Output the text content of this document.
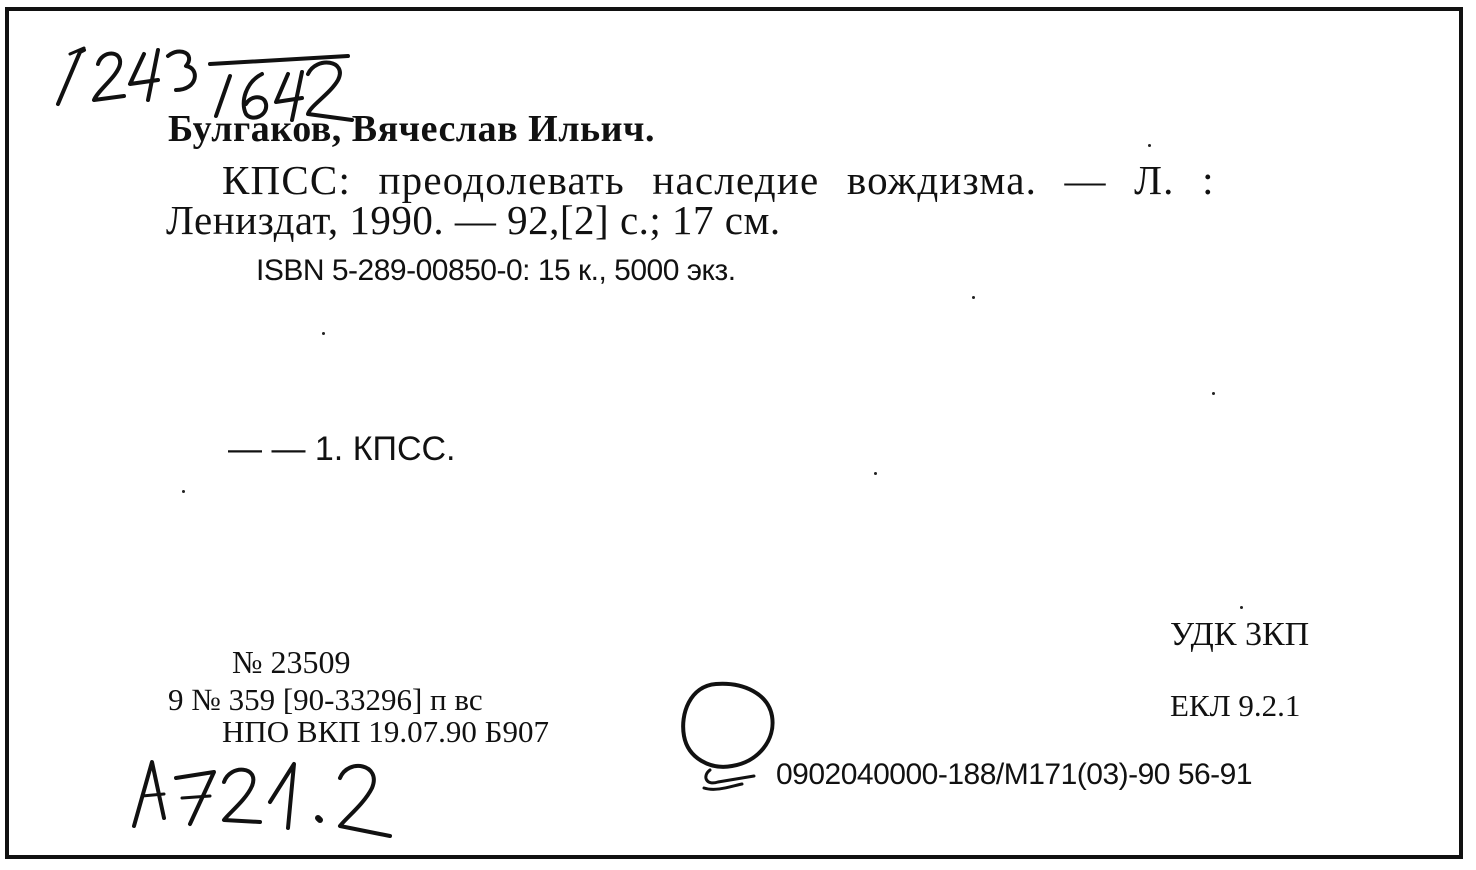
Булгаков, Вячеслав Ильич.
КПСС: преодолевать наследие вождизма. — Л. :
Лениздат, 1990. — 92,[2] с.; 17 см.
ISBN 5-289-00850-0: 15 к., 5000 экз.
— — 1. КПСС.
№ 23509
9 № 359 [90-33296] п вс
НПО ВКП 19.07.90 Б907
УДК 3КП
ЕКЛ 9.2.1
0902040000-188/М171(03)-90 56-91
